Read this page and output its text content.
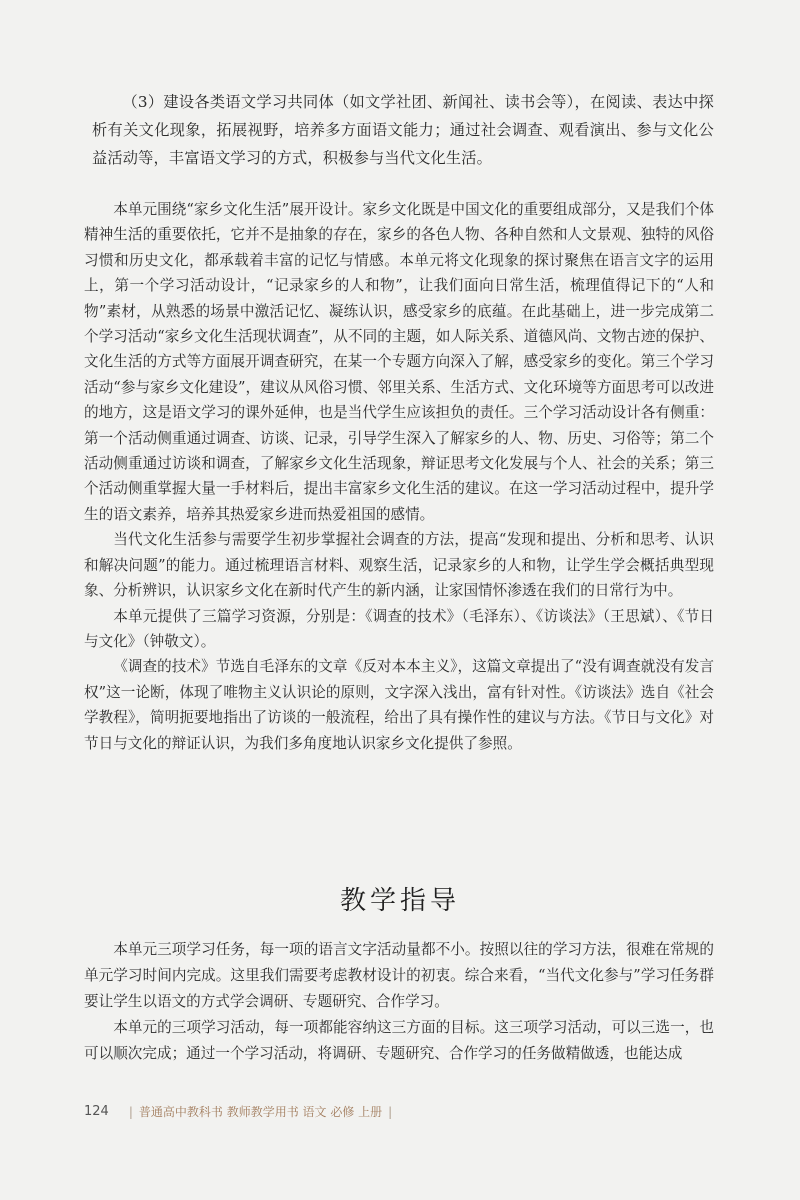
（3）建设各类语文学习共同体（如文学社团、新闻社、读书会等），在阅读、表达中探析有关文化现象，拓展视野，培养多方面语文能力；通过社会调查、观看演出、参与文化公益活动等，丰富语文学习的方式，积极参与当代文化生活。

本单元围绕“家乡文化生活”展开设计。家乡文化既是中国文化的重要组成部分，又是我们个体精神生活的重要依托，它并不是抽象的存在，家乡的各色人物、各种自然和人文景观、独特的风俗习惯和历史文化，都承载着丰富的记忆与情感。本单元将文化现象的探讨聚焦在语言文字的运用上，第一个学习活动设计，“记录家乡的人和物”，让我们面向日常生活，梳理值得记下的“人和物”素材，从熟悉的场景中激活记忆、凝练认识，感受家乡的底蕴。在此基础上，进一步完成第二个学习活动“家乡文化生活现状调查”，从不同的主题，如人际关系、道德风尚、文物古迹的保护、文化生活的方式等方面展开调查研究，在某一个专题方向深入了解，感受家乡的变化。第三个学习活动“参与家乡文化建设”，建议从风俗习惯、邻里关系、生活方式、文化环境等方面思考可以改进的地方，这是语文学习的课外延伸，也是当代学生应该担负的责任。三个学习活动设计各有侧重：第一个活动侧重通过调查、访谈、记录，引导学生深入了解家乡的人、物、历史、习俗等；第二个活动侧重通过访谈和调查，了解家乡文化生活现象，辩证思考文化发展与个人、社会的关系；第三个活动侧重掌握大量一手材料后，提出丰富家乡文化生活的建议。在这一学习活动过程中，提升学生的语文素养，培养其热爱家乡进而热爱祖国的感情。

当代文化生活参与需要学生初步掌握社会调查的方法，提高“发现和提出、分析和思考、认识和解决问题”的能力。通过梳理语言材料、观察生活，记录家乡的人和物，让学生学会概括典型现象、分析辨识，认识家乡文化在新时代产生的新内涵，让家国情怀渗透在我们的日常行为中。

本单元提供了三篇学习资源，分别是：《调查的技术》（毛泽东）、《访谈法》（王思斌）、《节日与文化》（钟敬文）。

《调查的技术》节选自毛泽东的文章《反对本本主义》，这篇文章提出了“没有调查就没有发言权”这一论断，体现了唯物主义认识论的原则，文字深入浅出，富有针对性。《访谈法》选自《社会学教程》，简明扼要地指出了访谈的一般流程，给出了具有操作性的建议与方法。《节日与文化》对节日与文化的辩证认识，为我们多角度地认识家乡文化提供了参照。

教学指导

本单元三项学习任务，每一项的语言文字活动量都不小。按照以往的学习方法，很难在常规的单元学习时间内完成。这里我们需要考虑教材设计的初衷。综合来看，“当代文化参与”学习任务群要让学生以语文的方式学会调研、专题研究、合作学习。

本单元的三项学习活动，每一项都能容纳这三方面的目标。这三项学习活动，可以三选一，也可以顺次完成；通过一个学习活动，将调研、专题研究、合作学习的任务做精做透，也能达成

124 | 普通高中教科书 教师教学用书 语文 必修 上册 |
